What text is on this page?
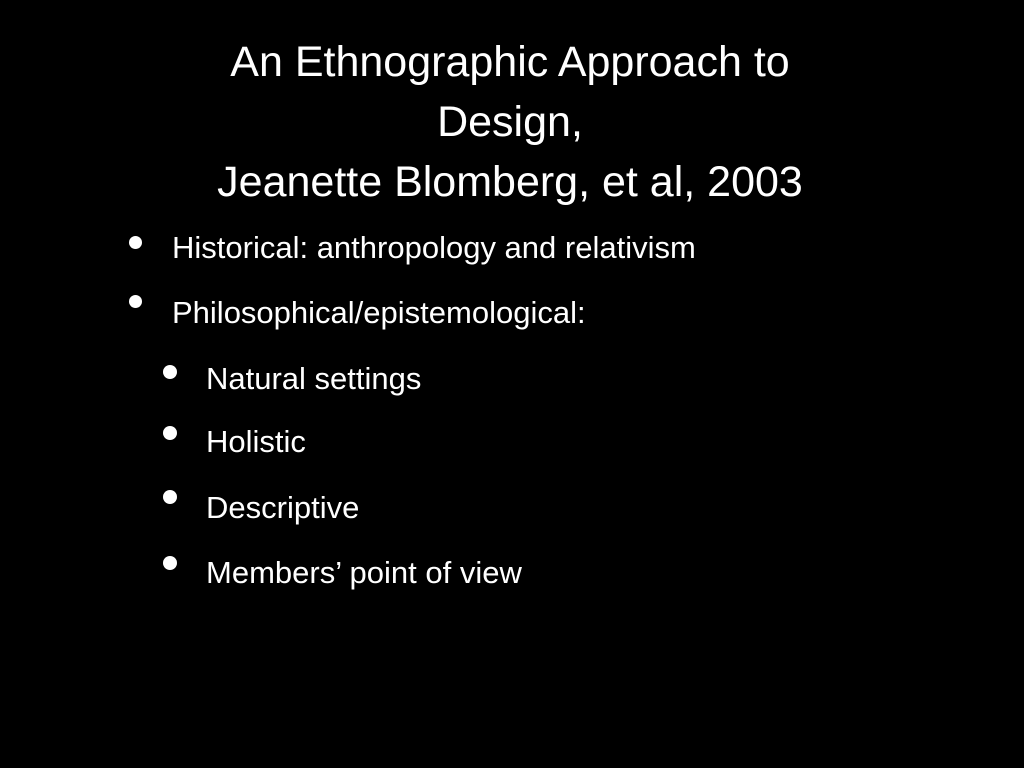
An Ethnographic Approach to
Design,
Jeanette Blomberg, et al, 2003
Historical: anthropology and relativism
Philosophical/epistemological:
Natural settings
Holistic
Descriptive
Members’ point of view
